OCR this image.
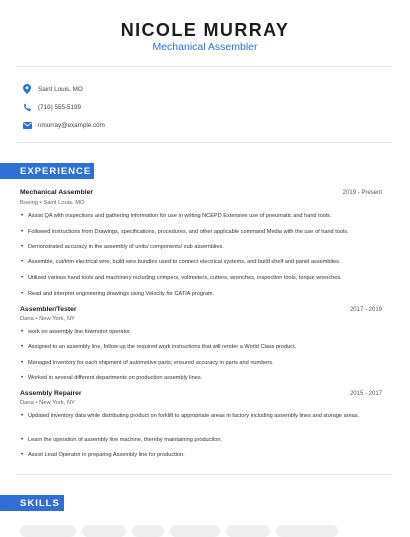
NICOLE MURRAY
Mechanical Assembler
Saint Louis, MO
(710) 555-5199
nmurray@example.com
EXPERIENCE
Mechanical Assembler	2019 - Present
Boeing • Saint Louis, MO
• Assist QA with inspections and gathering information for use in writing NCEPD Extensive use of pneumatic and hand tools.
• Followed instructions from Drawings, specifications, procedures, and other applicable command Media with the use of hand tools.
• Demonstrated accuracy in the assembly of units/ components/ sub assemblies.
• Assemble, cut/trim electrical wire, build wire bundles used to connect electrical systems, and build shelf and panel assemblies.
• Utilized various hand tools and machinery including crimpers, voltmeters, cutters, wrenches, inspection tools, torque wrenches.
• Read and interpret engineering drawings using Velocity for CATIA program.
Assembler/Tester	2017 - 2019
Dana • New York, NY
• work on assembly line.fowmotor operator
• Assigned to an assembly line, follow up the required work instructions that will render a World Class product.
• Managed inventory for each shipment of automotive parts; ensured accuracy in parts and numbers.
• Worked in several different departments on production assembly lines.
Assembly Repairer	2015 - 2017
Dana • New York, NY
• Updated inventory data while distributing product on forklift to appropriate areas in factory including assembly lines and storage areas.
• Learn the operation of assembly line machine, thereby maintaining production.
• Assist Lead Operator in preparing Assembly line for production.
SKILLS
